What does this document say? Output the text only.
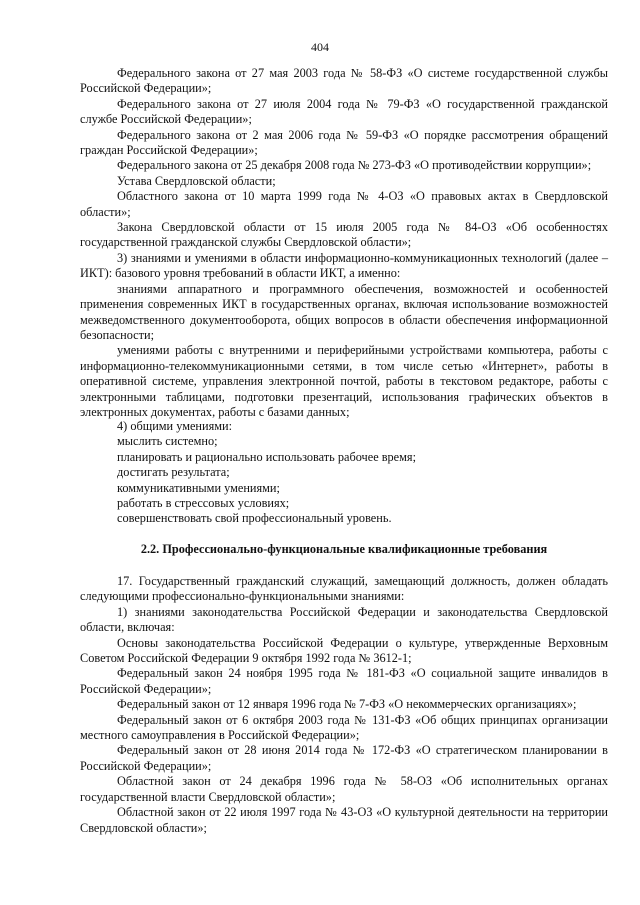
404

Федерального закона от 27 мая 2003 года № 58-ФЗ «О системе государственной службы Российской Федерации»;

Федерального закона от 27 июля 2004 года № 79-ФЗ «О государственной гражданской службе Российской Федерации»;

Федерального закона от 2 мая 2006 года № 59-ФЗ «О порядке рассмотрения обращений граждан Российской Федерации»;

Федерального закона от 25 декабря 2008 года № 273-ФЗ «О противодействии коррупции»;

Устава Свердловской области;

Областного закона от 10 марта 1999 года № 4-ОЗ «О правовых актах в Свердловской области»;

Закона Свердловской области от 15 июля 2005 года № 84-ОЗ «Об особенностях государственной гражданской службы Свердловской области»;

3) знаниями и умениями в области информационно-коммуникационных технологий (далее – ИКТ): базового уровня требований в области ИКТ, а именно:

знаниями аппаратного и программного обеспечения, возможностей и особенностей применения современных ИКТ в государственных органах, включая использование возможностей межведомственного документооборота, общих вопросов в области обеспечения информационной безопасности;

умениями работы с внутренними и периферийными устройствами компьютера, работы с информационно-телекоммуникационными сетями, в том числе сетью «Интернет», работы в оперативной системе, управления электронной почтой, работы в текстовом редакторе, работы с электронными таблицами, подготовки презентаций, использования графических объектов в электронных документах, работы с базами данных;

4) общими умениями:

мыслить системно;

планировать и рационально использовать рабочее время;

достигать результата;

коммуникативными умениями;

работать в стрессовых условиях;

совершенствовать свой профессиональный уровень.

2.2. Профессионально-функциональные квалификационные требования

17. Государственный гражданский служащий, замещающий должность, должен обладать следующими профессионально-функциональными знаниями:

1) знаниями законодательства Российской Федерации и законодательства Свердловской области, включая:

Основы законодательства Российской Федерации о культуре, утвержденные Верховным Советом Российской Федерации 9 октября 1992 года № 3612-1;

Федеральный закон 24 ноября 1995 года № 181-ФЗ «О социальной защите инвалидов в Российской Федерации»;

Федеральный закон от 12 января 1996 года № 7-ФЗ «О некоммерческих организациях»;

Федеральный закон от 6 октября 2003 года № 131-ФЗ «Об общих принципах организации местного самоуправления в Российской Федерации»;

Федеральный закон от 28 июня 2014 года № 172-ФЗ «О стратегическом планировании в Российской Федерации»;

Областной закон от 24 декабря 1996 года № 58-ОЗ «Об исполнительных органах государственной власти Свердловской области»;

Областной закон от 22 июля 1997 года № 43-ОЗ «О культурной деятельности на территории Свердловской области»;
